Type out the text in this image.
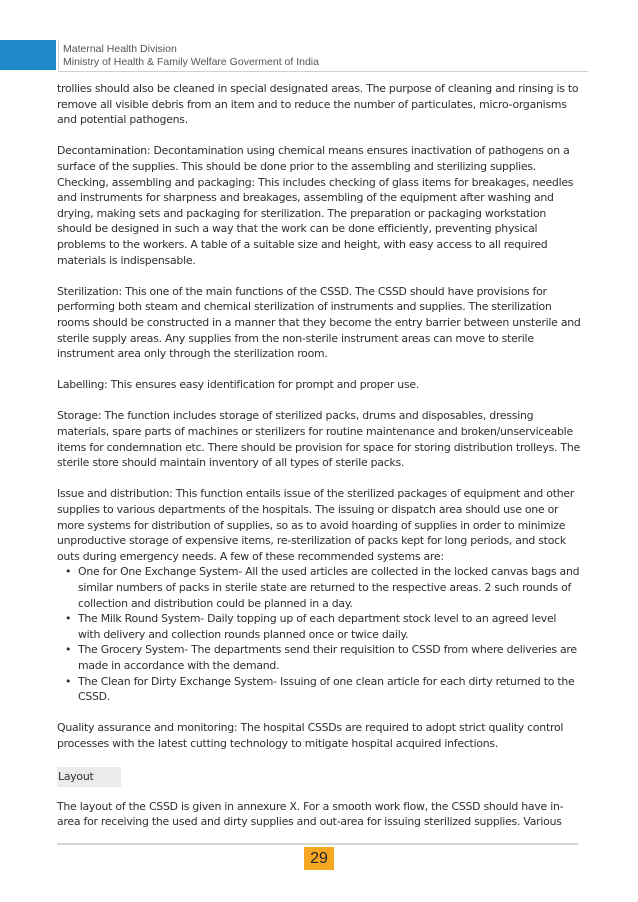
Maternal Health Division
Ministry of Health & Family Welfare Goverment of India

trollies should also be cleaned in special designated areas. The purpose of cleaning and rinsing is to remove all visible debris from an item and to reduce the number of particulates, micro-organisms and potential pathogens.

Decontamination: Decontamination using chemical means ensures inactivation of pathogens on a surface of the supplies. This should be done prior to the assembling and sterilizing supplies. Checking, assembling and packaging: This includes checking of glass items for breakages, needles and instruments for sharpness and breakages, assembling of the equipment after washing and drying, making sets and packaging for sterilization. The preparation or packaging workstation should be designed in such a way that the work can be done efficiently, preventing physical problems to the workers. A table of a suitable size and height, with easy access to all required materials is indispensable.

Sterilization: This one of the main functions of the CSSD. The CSSD should have provisions for performing both steam and chemical sterilization of instruments and supplies. The sterilization rooms should be constructed in a manner that they become the entry barrier between unsterile and sterile supply areas. Any supplies from the non-sterile instrument areas can move to sterile instrument area only through the sterilization room.

Labelling: This ensures easy identification for prompt and proper use.

Storage: The function includes storage of sterilized packs, drums and disposables, dressing materials, spare parts of machines or sterilizers for routine maintenance and broken/unserviceable items for condemnation etc. There should be provision for space for storing distribution trolleys. The sterile store should maintain inventory of all types of sterile packs.

Issue and distribution: This function entails issue of the sterilized packages of equipment and other supplies to various departments of the hospitals. The issuing or dispatch area should use one or more systems for distribution of supplies, so as to avoid hoarding of supplies in order to minimize unproductive storage of expensive items, re-sterilization of packs kept for long periods, and stock outs during emergency needs. A few of these recommended systems are:

• One for One Exchange System- All the used articles are collected in the locked canvas bags and similar numbers of packs in sterile state are returned to the respective areas. 2 such rounds of collection and distribution could be planned in a day.
• The Milk Round System- Daily topping up of each department stock level to an agreed level with delivery and collection rounds planned once or twice daily.
• The Grocery System- The departments send their requisition to CSSD from where deliveries are made in accordance with the demand.
• The Clean for Dirty Exchange System- Issuing of one clean article for each dirty returned to the CSSD.

Quality assurance and monitoring: The hospital CSSDs are required to adopt strict quality control processes with the latest cutting technology to mitigate hospital acquired infections.

Layout

The layout of the CSSD is given in annexure X. For a smooth work flow, the CSSD should have in-area for receiving the used and dirty supplies and out-area for issuing sterilized supplies. Various

29
